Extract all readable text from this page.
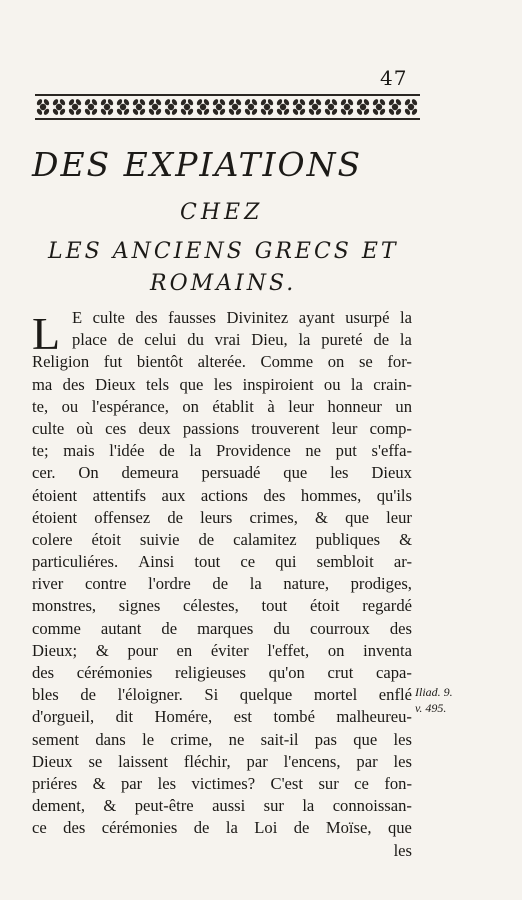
47
DES EXPIATIONS
CHEZ
LES ANCIENS GRECS ET
ROMAINS.
L E culte des fausses Divinitez ayant usurpé la
place de celui du vrai Dieu, la pureté de la
Religion fut bientôt alterée. Comme on se for-
ma des Dieux tels que les inspiroient ou la crain-
te, ou l'espérance, on établit à leur honneur un
culte où ces deux passions trouverent leur comp-
te; mais l'idée de la Providence ne put s'effa-
cer. On demeura persuadé que les Dieux
étoient attentifs aux actions des hommes, qu'ils
étoient offensez de leurs crimes, & que leur
colere étoit suivie de calamitez publiques &
particuliéres. Ainsi tout ce qui sembloit ar-
river contre l'ordre de la nature, prodiges,
monstres, signes célestes, tout étoit regardé
comme autant de marques du courroux des
Dieux; & pour en éviter l'effet, on inventa
des cérémonies religieuses qu'on crut capa-
bles de l'éloigner. Si quelque mortel enflé
d'orgueil, dit Homére, est tombé malheureu-
sement dans le crime, ne sait-il pas que les
Dieux se laissent fléchir, par l'encens, par les
priéres & par les victimes? C'est sur ce fon-
dement, & peut-être aussi sur la connoissan-
ce des cérémonies de la Loi de Moïse, que
les
Iliad. 9.
v. 495.
